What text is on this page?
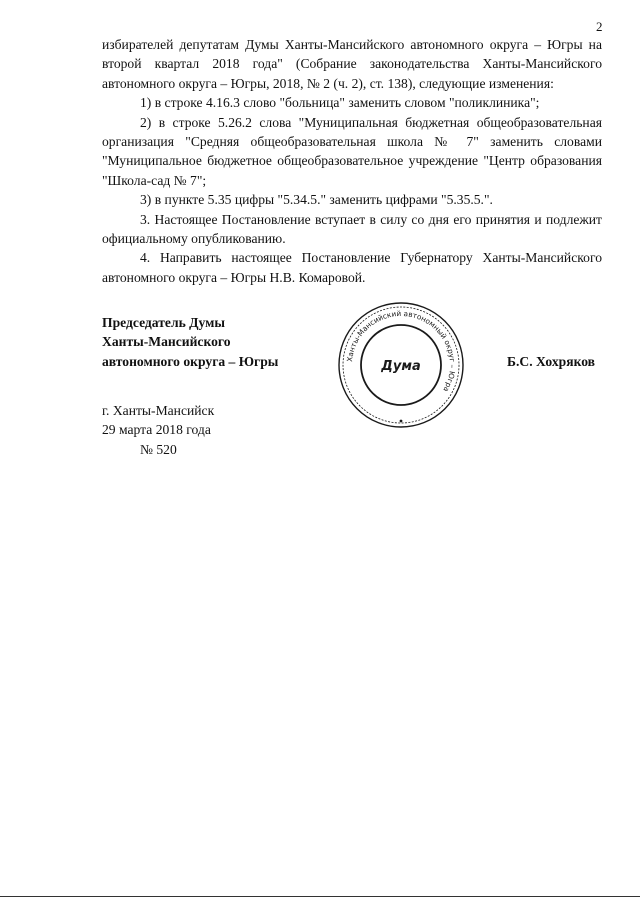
2

избирателей депутатам Думы Ханты-Мансийского автономного округа – Югры на второй квартал 2018 года" (Собрание законодательства Ханты-Мансийского автономного округа – Югры, 2018, № 2 (ч. 2), ст. 138), следующие изменения:

1) в строке 4.16.3 слово "больница" заменить словом "поликлиника";

2) в строке 5.26.2 слова "Муниципальная бюджетная общеобразовательная организация "Средняя общеобразовательная школа № 7" заменить словами "Муниципальное бюджетное общеобразовательное учреждение "Центр образования "Школа-сад № 7";

3) в пункте 5.35 цифры "5.34.5." заменить цифрами "5.35.5.".

3. Настоящее Постановление вступает в силу со дня его принятия и подлежит официальному опубликованию.

4. Направить настоящее Постановление Губернатору Ханты-Мансийского автономного округа – Югры Н.В. Комаровой.

Председатель Думы
Ханты-Мансийского
автономного округа – Югры	Ханты-Мансийский автономный округ – Югра
Дума	Б.С. Хохряков
г. Ханты-Мансийск
29 марта 2018 года
№ 520
